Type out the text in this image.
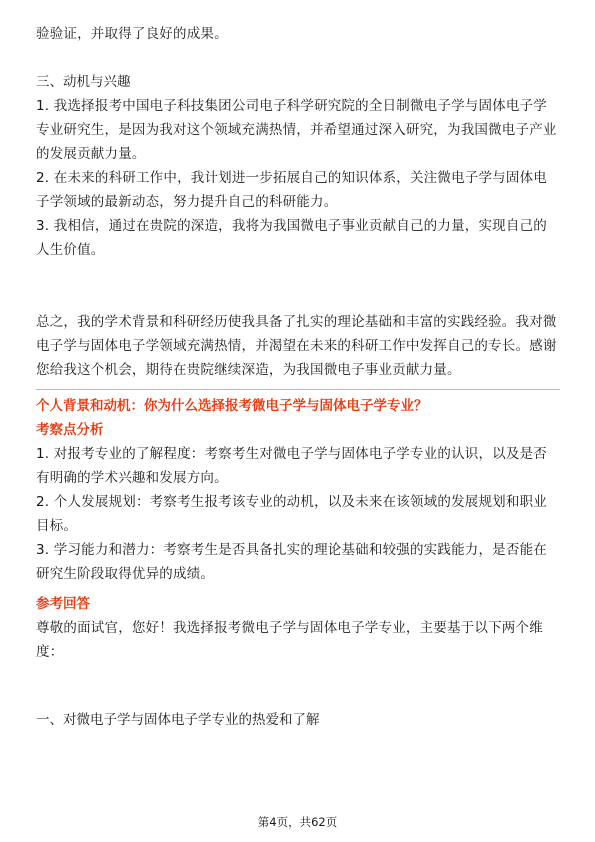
验验证，并取得了良好的成果。

三、动机与兴趣

1. 我选择报考中国电子科技集团公司电子科学研究院的全日制微电子学与固体电子学专业研究生，是因为我对这个领域充满热情，并希望通过深入研究，为我国微电子产业的发展贡献力量。

2. 在未来的科研工作中，我计划进一步拓展自己的知识体系，关注微电子学与固体电子学领域的最新动态，努力提升自己的科研能力。

3. 我相信，通过在贵院的深造，我将为我国微电子事业贡献自己的力量，实现自己的人生价值。

总之，我的学术背景和科研经历使我具备了扎实的理论基础和丰富的实践经验。我对微电子学与固体电子学领域充满热情，并渴望在未来的科研工作中发挥自己的专长。感谢您给我这个机会，期待在贵院继续深造，为我国微电子事业贡献力量。

个人背景和动机：你为什么选择报考微电子学与固体电子学专业？

考察点分析

1. 对报考专业的了解程度：考察考生对微电子学与固体电子学专业的认识，以及是否有明确的学术兴趣和发展方向。

2. 个人发展规划：考察考生报考该专业的动机，以及未来在该领域的发展规划和职业目标。

3. 学习能力和潜力：考察考生是否具备扎实的理论基础和较强的实践能力，是否能在研究生阶段取得优异的成绩。

参考回答

尊敬的面试官，您好！我选择报考微电子学与固体电子学专业，主要基于以下两个维度：

一、对微电子学与固体电子学专业的热爱和了解

第4页，共62页
